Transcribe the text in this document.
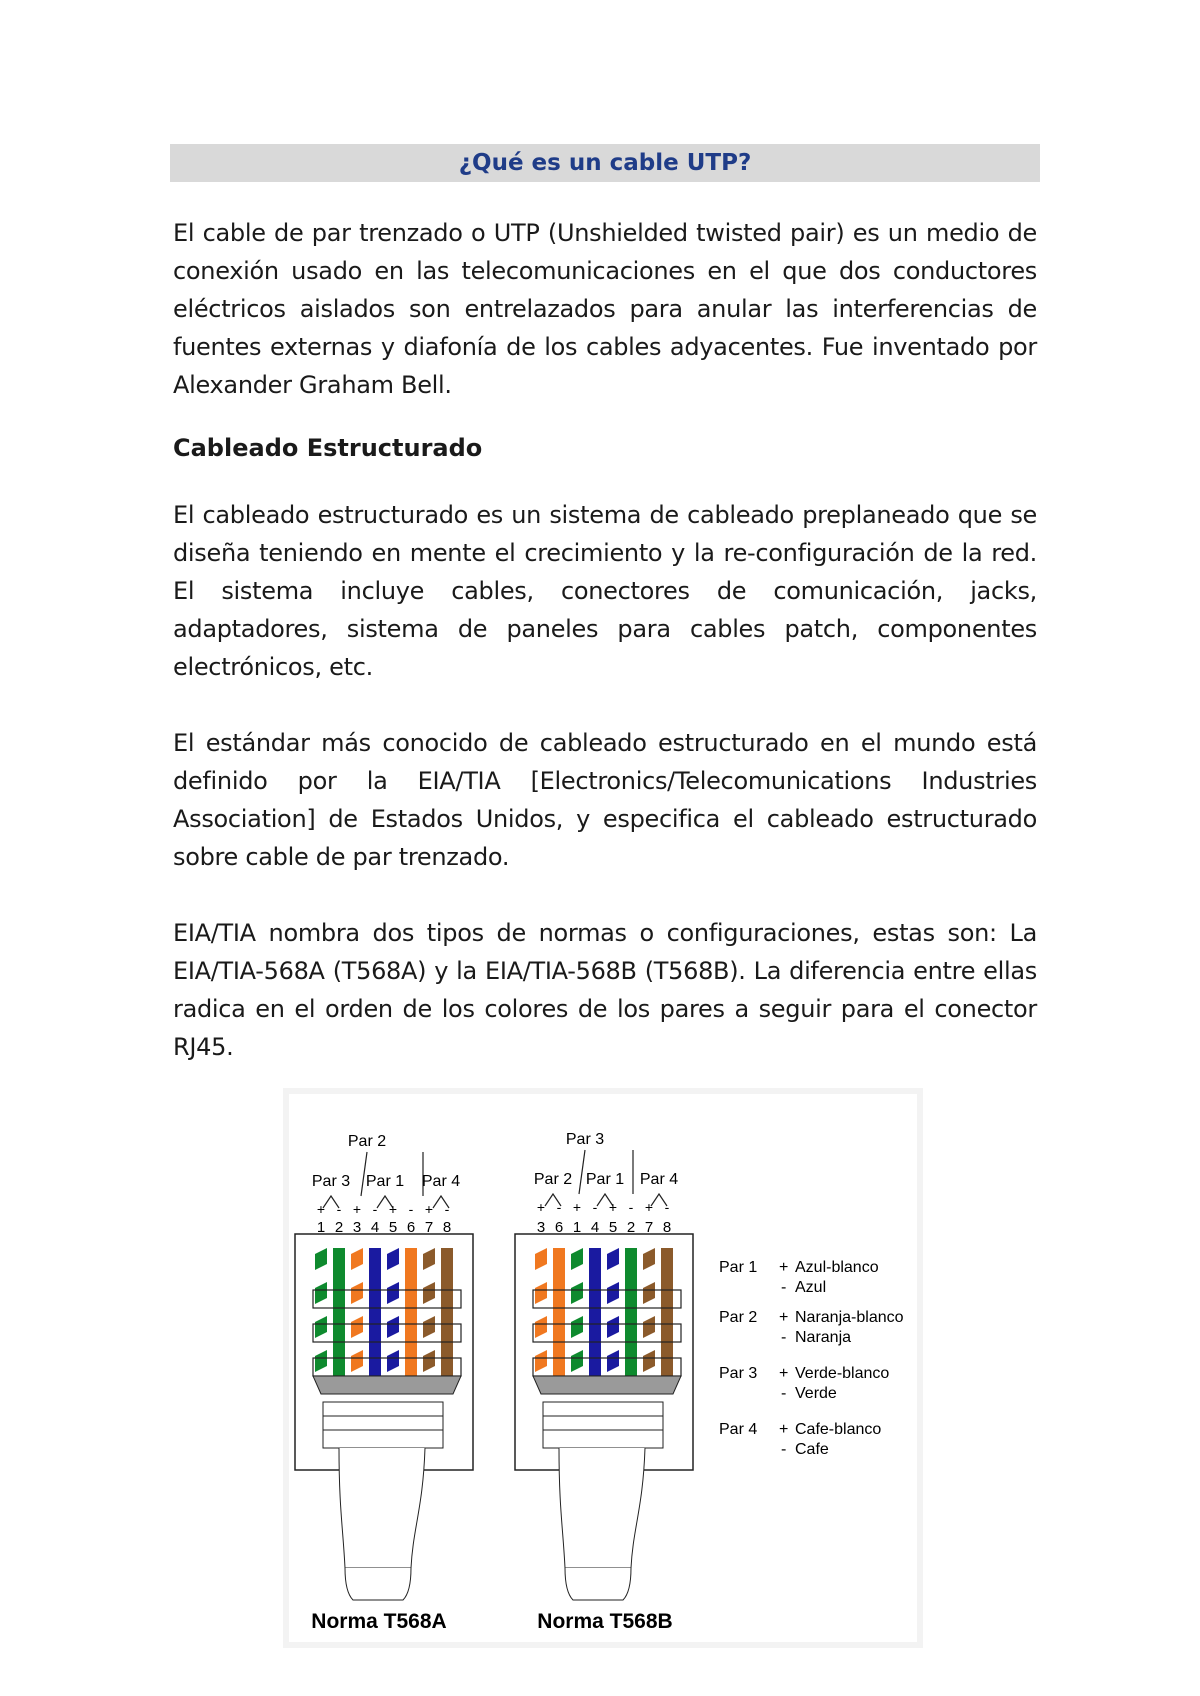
¿Qué es un cable UTP?

El cable de par trenzado o UTP (Unshielded twisted pair) es un medio de conexión usado en las telecomunicaciones en el que dos conductores eléctricos aislados son entrelazados para anular las interferencias de fuentes externas y diafonía de los cables adyacentes. Fue inventado por Alexander Graham Bell.

Cableado Estructurado

El cableado estructurado es un sistema de cableado preplaneado que se diseña teniendo en mente el crecimiento y la re-configuración de la red. El sistema incluye cables, conectores de comunicación, jacks, adaptadores, sistema de paneles para cables patch, componentes electrónicos, etc.

El estándar más conocido de cableado estructurado en el mundo está definido por la EIA/TIA [Electronics/Telecomunications Industries Association] de Estados Unidos, y especifica el cableado estructurado sobre cable de par trenzado.

EIA/TIA nombra dos tipos de normas o configuraciones, estas son: La EIA/TIA-568A (T568A) y la EIA/TIA-568B (T568B). La diferencia entre ellas radica en el orden de los colores de los pares a seguir para el conector RJ45.

Par 2
Par 3 Par 1 Par 4
+ - + - + - + -
1 2 3 4 5 6 7 8
Norma T568A
Par 3
Par 2 Par 1 Par 4
+ - + - + - + -
3 6 1 4 5 2 7 8
Norma T568B
Par 1 + Azul-blanco
- Azul
Par 2 + Naranja-blanco
- Naranja
Par 3 + Verde-blanco
- Verde
Par 4 + Cafe-blanco
- Cafe
